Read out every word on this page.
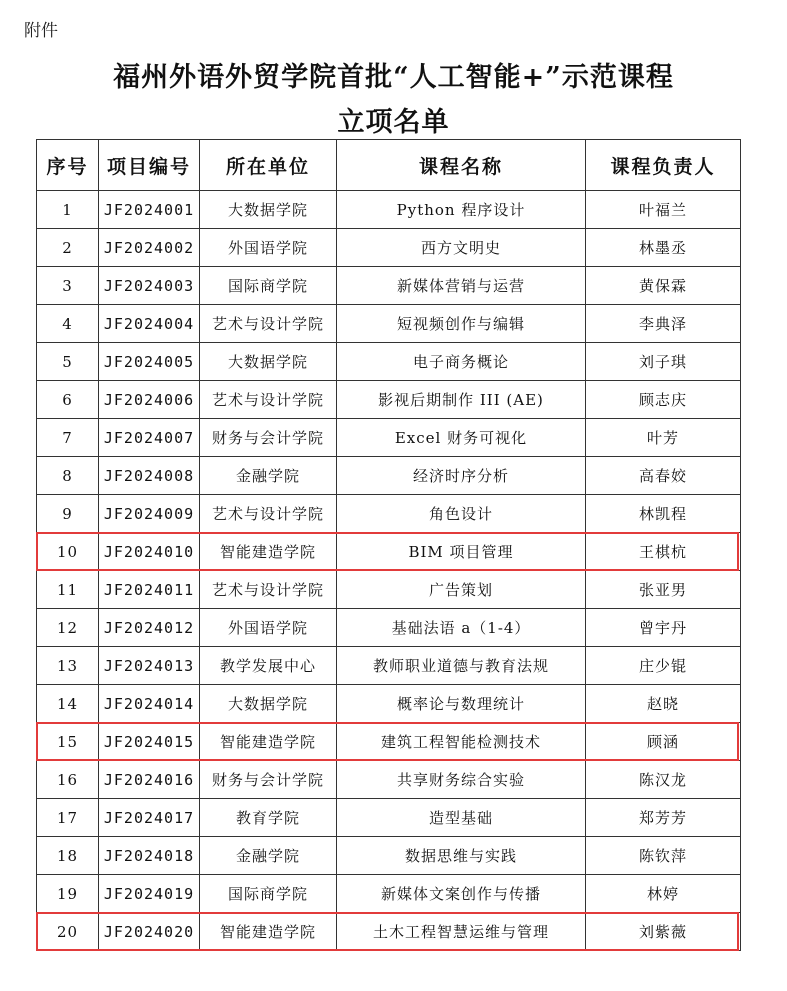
附件
福州外语外贸学院首批“人工智能+”示范课程
立项名单
序号	项目编号	所在单位	课程名称	课程负责人
1	JF2024001	大数据学院	Python 程序设计	叶福兰
2	JF2024002	外国语学院	西方文明史	林墨丞
3	JF2024003	国际商学院	新媒体营销与运营	黄保霖
4	JF2024004	艺术与设计学院	短视频创作与编辑	李典泽
5	JF2024005	大数据学院	电子商务概论	刘子琪
6	JF2024006	艺术与设计学院	影视后期制作 III (AE)	顾志庆
7	JF2024007	财务与会计学院	Excel 财务可视化	叶芳
8	JF2024008	金融学院	经济时序分析	高春姣
9	JF2024009	艺术与设计学院	角色设计	林凯程
10	JF2024010	智能建造学院	BIM 项目管理	王棋杭
11	JF2024011	艺术与设计学院	广告策划	张亚男
12	JF2024012	外国语学院	基础法语 a（1-4）	曾宇丹
13	JF2024013	教学发展中心	教师职业道德与教育法规	庄少锟
14	JF2024014	大数据学院	概率论与数理统计	赵晓
15	JF2024015	智能建造学院	建筑工程智能检测技术	顾涵
16	JF2024016	财务与会计学院	共享财务综合实验	陈汉龙
17	JF2024017	教育学院	造型基础	郑芳芳
18	JF2024018	金融学院	数据思维与实践	陈钦萍
19	JF2024019	国际商学院	新媒体文案创作与传播	林婷
20	JF2024020	智能建造学院	土木工程智慧运维与管理	刘紫薇
